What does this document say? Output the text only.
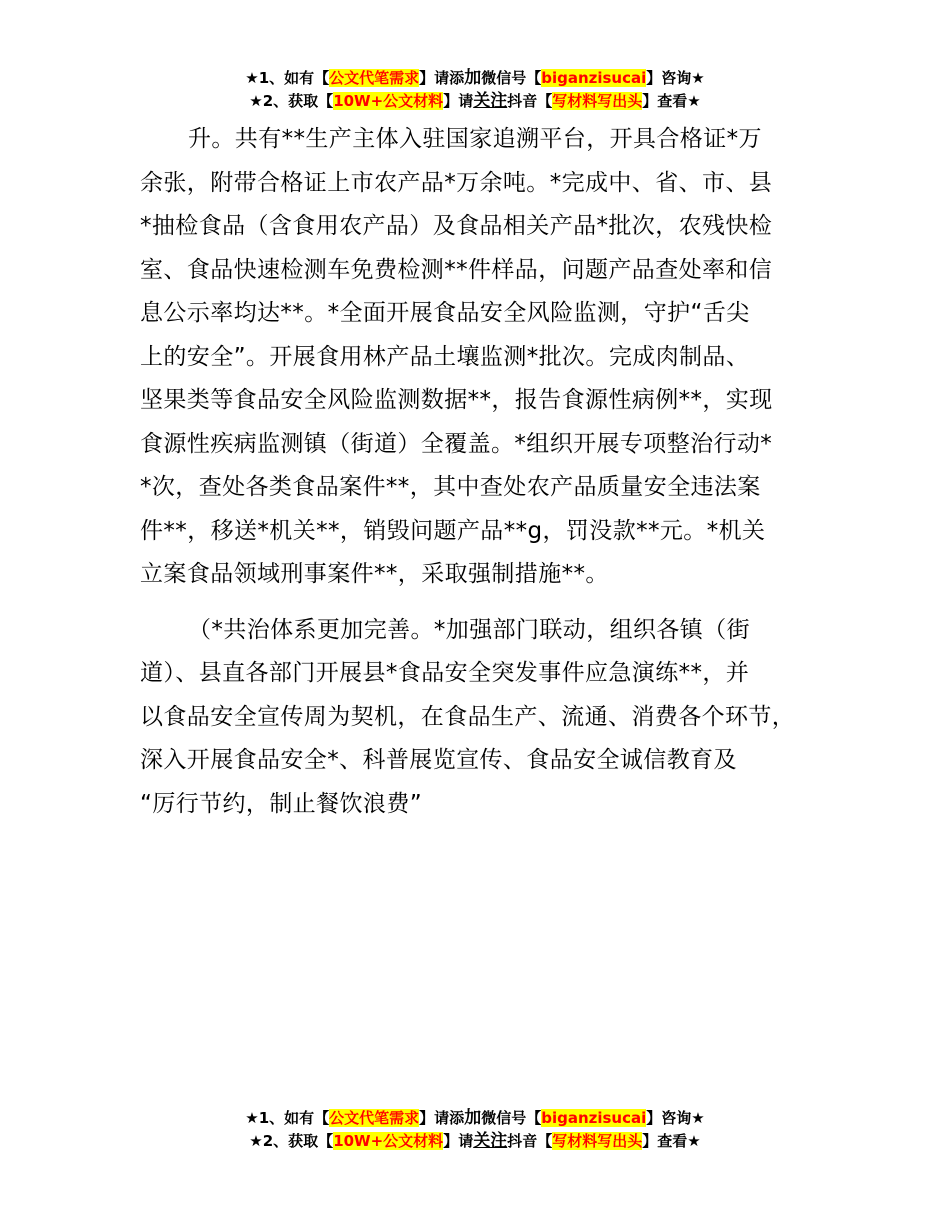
★1、如有【公文代笔需求】请添加微信号【biganzisucai】咨询★
★2、获取【10W+公文材料】请关注抖音【写材料写出头】查看★
升。共有**生产主体入驻国家追溯平台，开具合格证*万
余张，附带合格证上市农产品*万余吨。*完成中、省、市、县
*抽检食品（含食用农产品）及食品相关产品*批次，农残快检
室、食品快速检测车免费检测**件样品，问题产品查处率和信
息公示率均达**。*全面开展食品安全风险监测，守护“舌尖
上的安全”。开展食用林产品土壤监测*批次。完成肉制品、
坚果类等食品安全风险监测数据**，报告食源性病例**，实现
食源性疾病监测镇（街道）全覆盖。*组织开展专项整治行动*
*次，查处各类食品案件**，其中查处农产品质量安全违法案
件**，移送*机关**，销毁问题产品**g，罚没款**元。*机关
立案食品领域刑事案件**，采取强制措施**。
（*共治体系更加完善。*加强部门联动，组织各镇（街
道）、县直各部门开展县*食品安全突发事件应急演练**，并
以食品安全宣传周为契机，在食品生产、流通、消费各个环节，
深入开展食品安全*、科普展览宣传、食品安全诚信教育及
“厉行节约，制止餐饮浪费”
★1、如有【公文代笔需求】请添加微信号【biganzisucai】咨询★
★2、获取【10W+公文材料】请关注抖音【写材料写出头】查看★
